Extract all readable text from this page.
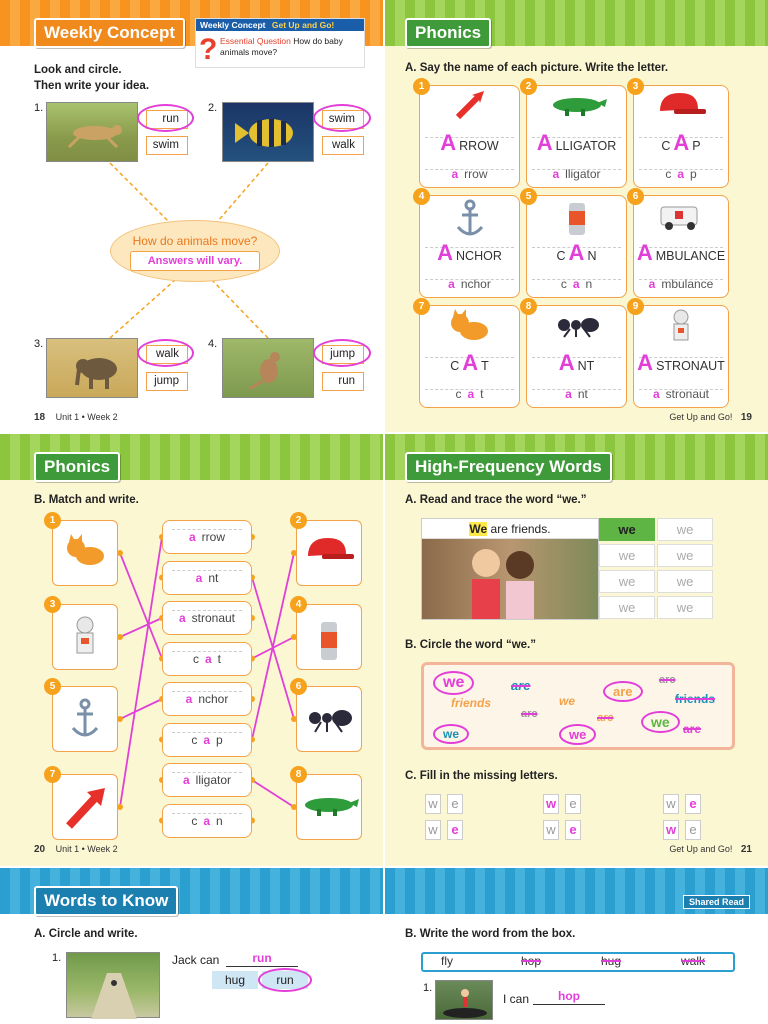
Weekly Concept	Weekly Concept Get Up and Go!
? Essential Question How do baby animals move?
Look and circle.
Then write your idea.
1.
run
swim
2.
swim
walk
How do animals move?
Answers will vary.
3.
walk
jump
4.
jump
run
18 Unit 1 • Week 2
Phonics
A. Say the name of each picture. Write the letter.
1
ARROW
a rrow
2
ALLIGATOR
a lligator
3
C A P
c a p
4
ANCHOR
a nchor
5
C A N
c a n
6
AMBULANCE
a mbulance
7
C A T
c a t
8
ANT
a nt
9
ASTRONAUT
a stronaut
Get Up and Go! 19
Phonics
B. Match and write.
1	2
3	4
5	6
7	8
a rrow
a nt
a stronaut
c a t
a nchor
c a p
a lligator
c a n
20 Unit 1 • Week 2
High-Frequency Words
A. Read and trace the word “we.”
We are friends.	we	we
we	we
we	we
we	we
B. Circle the word “we.”
we	are	arc
friends	we
are
we
arc
we
are
friends
we	are
C. Fill in the missing letters.
w	e	w	e	w	e
w	e	w	e	w	e
Get Up and Go! 21
Words to Know
A. Circle and write.
1.	Jack can	run
hug	run
Shared Read
B. Write the word from the box.
fly	hop	hug	walk
1.
I can	hop
